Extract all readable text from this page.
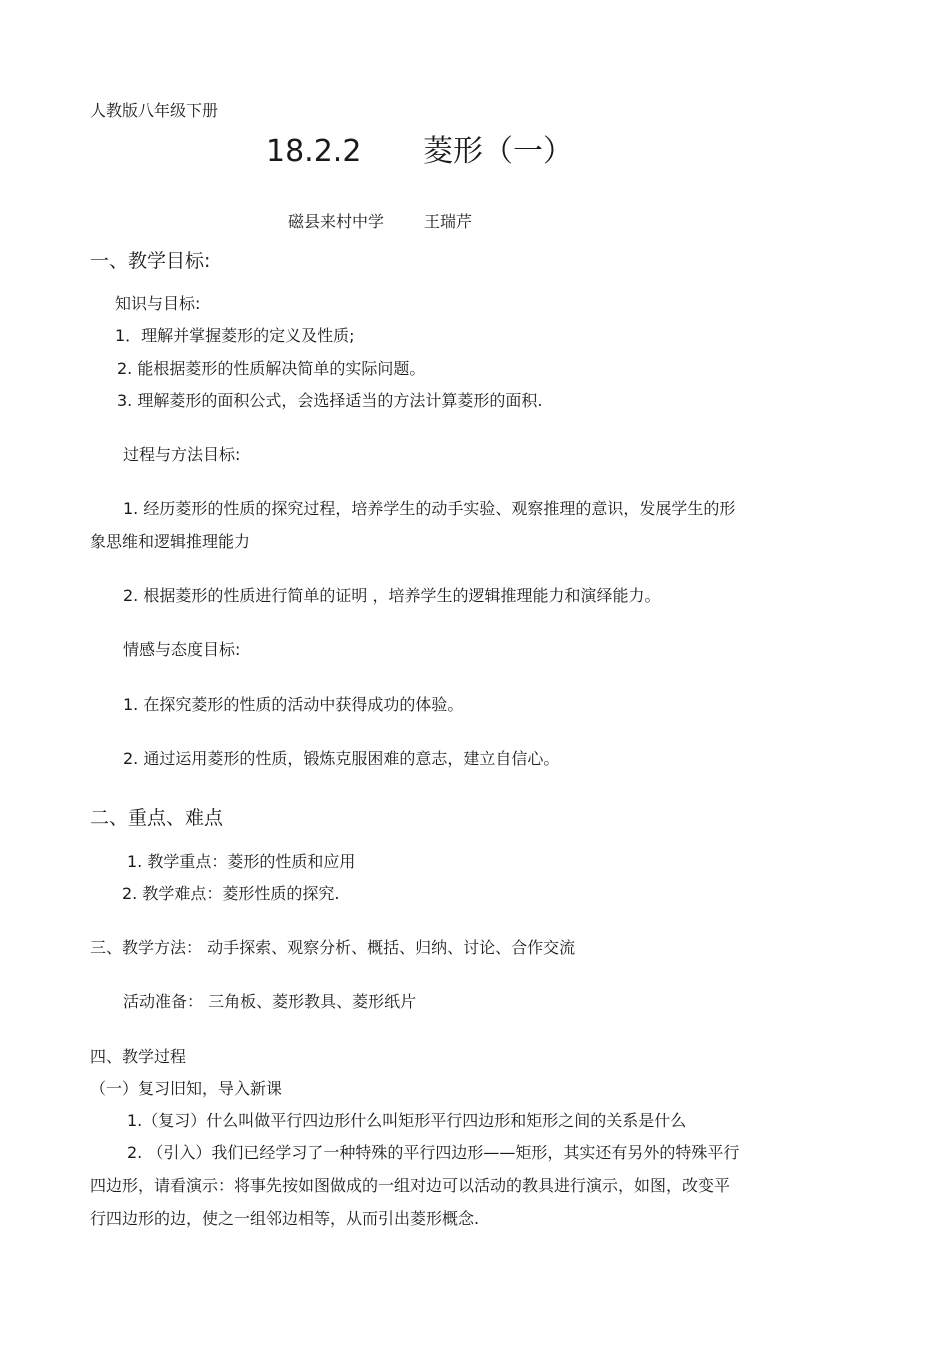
人教版八年级下册
18.2.2 菱形（一）
磁县来村中学 王瑞芹
一、教学目标:
知识与目标:
1．理解并掌握菱形的定义及性质;
2. 能根据菱形的性质解决简单的实际问题。
3. 理解菱形的面积公式，会选择适当的方法计算菱形的面积.
过程与方法目标:
1. 经历菱形的性质的探究过程，培养学生的动手实验、观察推理的意识，发展学生的形
象思维和逻辑推理能力
2. 根据菱形的性质进行简单的证明 ，培养学生的逻辑推理能力和演绎能力。
情感与态度目标:
1. 在探究菱形的性质的活动中获得成功的体验。
2. 通过运用菱形的性质，锻炼克服困难的意志，建立自信心。
二、重点、难点
1. 教学重点：菱形的性质和应用
2. 教学难点：菱形性质的探究.
三、教学方法： 动手探索、观察分析、概括、归纳、讨论、合作交流
活动准备： 三角板、菱形教具、菱形纸片
四、教学过程
（一）复习旧知，导入新课
1.（复习）什么叫做平行四边形什么叫矩形平行四边形和矩形之间的关系是什么
2. （引入）我们已经学习了一种特殊的平行四边形——矩形，其实还有另外的特殊平行
四边形，请看演示：将事先按如图做成的一组对边可以活动的教具进行演示，如图，改变平
行四边形的边，使之一组邻边相等，从而引出菱形概念.
